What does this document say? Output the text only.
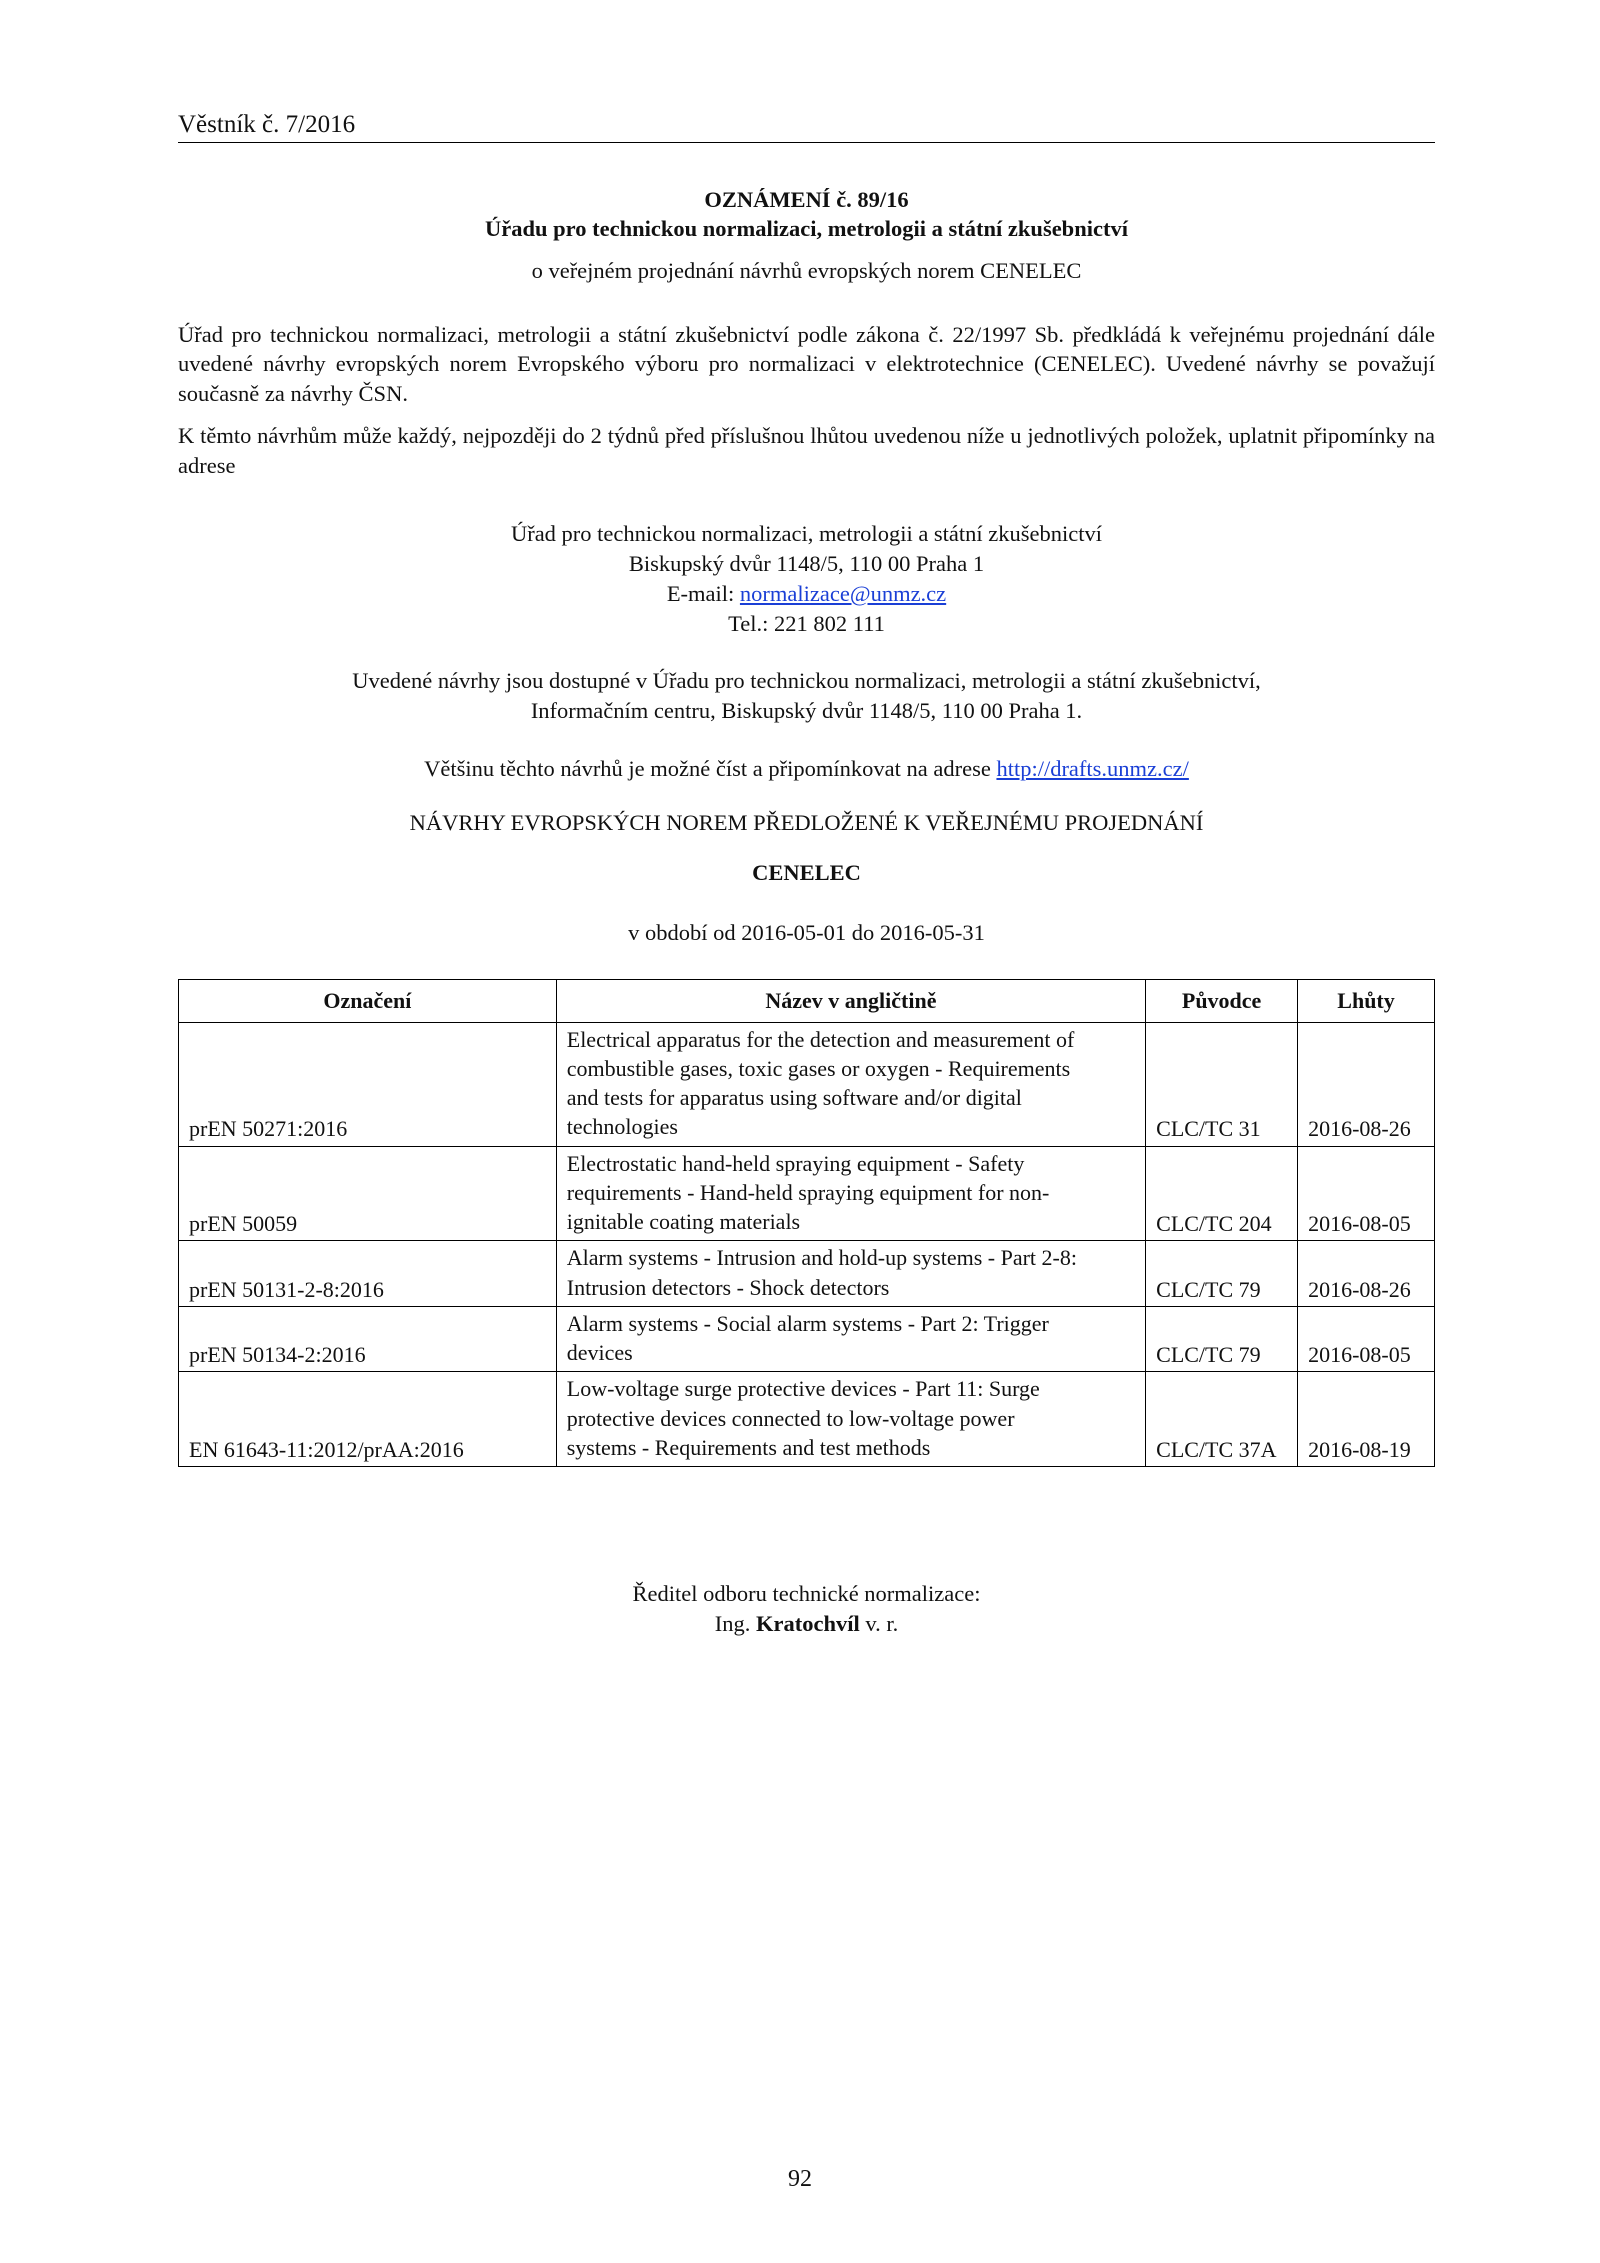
Věstník č. 7/2016
OZNÁMENÍ č. 89/16
Úřadu pro technickou normalizaci, metrologii a státní zkušebnictví
o veřejném projednání návrhů evropských norem CENELEC

Úřad pro technickou normalizaci, metrologii a státní zkušebnictví podle zákona č. 22/1997 Sb. předkládá k veřejnému projednání dále uvedené návrhy evropských norem Evropského výboru pro normalizaci v elektrotechnice (CENELEC). Uvedené návrhy se považují současně za návrhy ČSN.

K těmto návrhům může každý, nejpozději do 2 týdnů před příslušnou lhůtou uvedenou níže u jednotlivých položek, uplatnit připomínky na adrese

Úřad pro technickou normalizaci, metrologii a státní zkušebnictví
Biskupský dvůr 1148/5, 110 00 Praha 1
E-mail: normalizace@unmz.cz
Tel.: 221 802 111
Uvedené návrhy jsou dostupné v Úřadu pro technickou normalizaci, metrologii a státní zkušebnictví,
Informačním centru, Biskupský dvůr 1148/5, 110 00 Praha 1.
Většinu těchto návrhů je možné číst a připomínkovat na adrese http://drafts.unmz.cz/
NÁVRHY EVROPSKÝCH NOREM PŘEDLOŽENÉ K VEŘEJNÉMU PROJEDNÁNÍ
CENELEC
v období od 2016-05-01 do 2016-05-31
Označení	Název v angličtině	Původce	Lhůty
prEN 50271:2016	Electrical apparatus for the detection and measurement of
combustible gases, toxic gases or oxygen - Requirements
and tests for apparatus using software and/or digital
technologies	CLC/TC 31	2016-08-26
prEN 50059	Electrostatic hand-held spraying equipment - Safety
requirements - Hand-held spraying equipment for non-
ignitable coating materials	CLC/TC 204	2016-08-05
prEN 50131-2-8:2016	Alarm systems - Intrusion and hold-up systems - Part 2-8:
Intrusion detectors - Shock detectors	CLC/TC 79	2016-08-26
prEN 50134-2:2016	Alarm systems - Social alarm systems - Part 2: Trigger
devices	CLC/TC 79	2016-08-05
EN 61643-11:2012/prAA:2016	Low-voltage surge protective devices - Part 11: Surge
protective devices connected to low-voltage power
systems - Requirements and test methods	CLC/TC 37A	2016-08-19
Ředitel odboru technické normalizace:
Ing. Kratochvíl v. r.
92
